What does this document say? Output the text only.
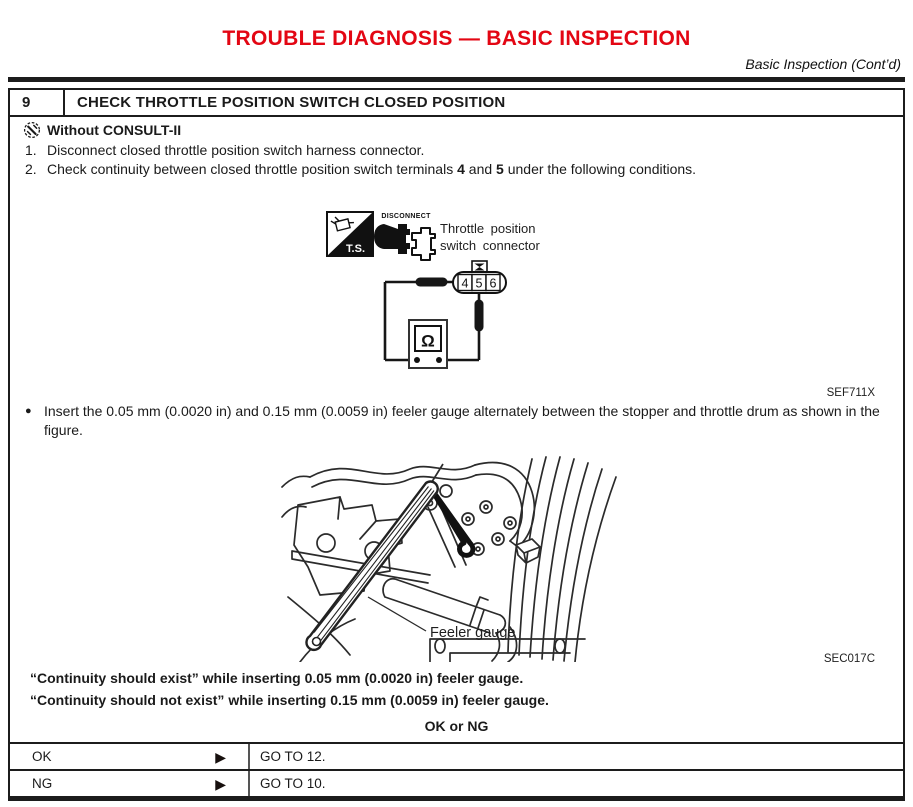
TROUBLE DIAGNOSIS — BASIC INSPECTION
Basic Inspection (Cont’d)
9	CHECK THROTTLE POSITION SWITCH CLOSED POSITION
Without CONSULT-II
1. Disconnect closed throttle position switch harness connector.
2. Check continuity between closed throttle position switch terminals 4 and 5 under the following conditions.
T.S.
DISCONNECT
Throttle position
switch connector
4 5 6
Ω
SEF711X
● Insert the 0.05 mm (0.0020 in) and 0.15 mm (0.0059 in) feeler gauge alternately between the stopper and throttle drum as shown in the figure.
Feeler gauge
SEC017C
“Continuity should exist” while inserting 0.05 mm (0.0020 in) feeler gauge.
“Continuity should not exist” while inserting 0.15 mm (0.0059 in) feeler gauge.
OK or NG
OK	▶	GO TO 12.
NG	▶	GO TO 10.
